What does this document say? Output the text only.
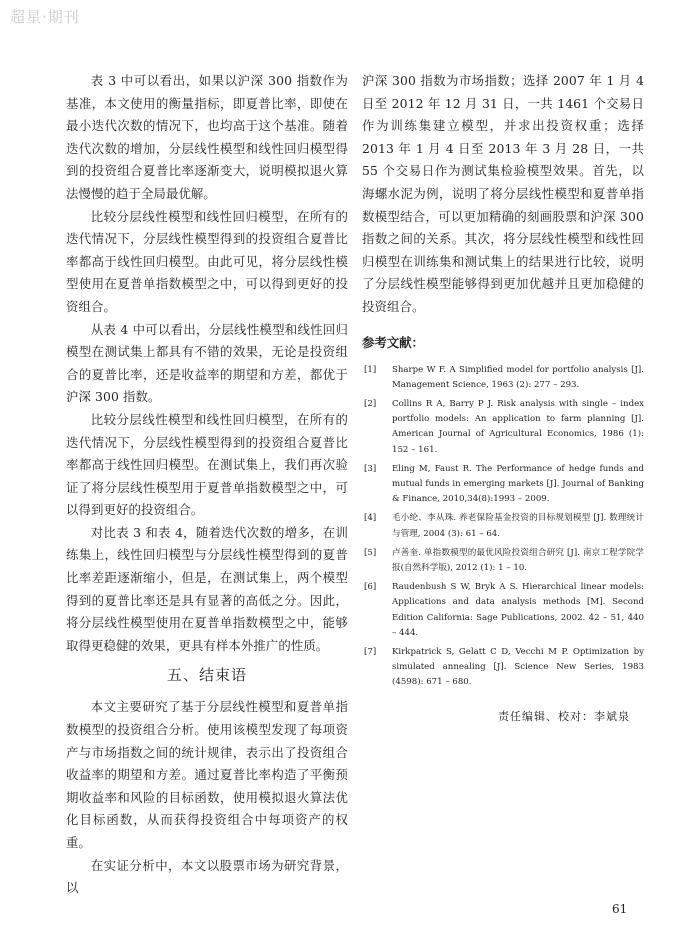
超星·期刊

表 3 中可以看出，如果以沪深 300 指数作为基准，本文使用的衡量指标，即夏普比率，即使在最小迭代次数的情况下，也均高于这个基准。随着迭代次数的增加，分层线性模型和线性回归模型得到的投资组合夏普比率逐渐变大，说明模拟退火算法慢慢的趋于全局最优解。

比较分层线性模型和线性回归模型，在所有的迭代情况下，分层线性模型得到的投资组合夏普比率都高于线性回归模型。由此可见，将分层线性模型使用在夏普单指数模型之中，可以得到更好的投资组合。

从表 4 中可以看出，分层线性模型和线性回归模型在测试集上都具有不错的效果，无论是投资组合的夏普比率，还是收益率的期望和方差，都优于沪深 300 指数。

比较分层线性模型和线性回归模型，在所有的迭代情况下，分层线性模型得到的投资组合夏普比率都高于线性回归模型。在测试集上，我们再次验证了将分层线性模型用于夏普单指数模型之中，可以得到更好的投资组合。

对比表 3 和表 4，随着迭代次数的增多，在训练集上，线性回归模型与分层线性模型得到的夏普比率差距逐渐缩小，但是，在测试集上，两个模型得到的夏普比率还是具有显著的高低之分。因此，将分层线性模型使用在夏普单指数模型之中，能够取得更稳健的效果，更具有样本外推广的性质。

五、结束语

本文主要研究了基于分层线性模型和夏普单指数模型的投资组合分析。使用该模型发现了每项资产与市场指数之间的统计规律，表示出了投资组合收益率的期望和方差。通过夏普比率构造了平衡预期收益率和风险的目标函数，使用模拟退火算法优化目标函数，从而获得投资组合中每项资产的权重。

在实证分析中，本文以股票市场为研究背景，以

沪深 300 指数为市场指数；选择 2007 年 1 月 4 日至 2012 年 12 月 31 日，一共 1461 个交易日作为训练集建立模型，并求出投资权重；选择 2013 年 1 月 4 日至 2013 年 3 月 28 日，一共 55 个交易日作为测试集检验模型效果。首先，以海螺水泥为例，说明了将分层线性模型和夏普单指数模型结合，可以更加精确的刻画股票和沪深 300 指数之间的关系。其次，将分层线性模型和线性回归模型在训练集和测试集上的结果进行比较，说明了分层线性模型能够得到更加优越并且更加稳健的投资组合。

参考文献：
[1]	Sharpe W F. A Simplified model for portfolio analysis [J]. Management Science, 1963 (2): 277 – 293.
[2]	Collins R A, Barry P J. Risk analysis with single – index portfolio models: An application to farm planning [J]. American Journal of Agricultural Economics, 1986 (1): 152 – 161.
[3]	Eling M, Faust R. The Performance of hedge funds and mutual funds in emerging markets [J]. Journal of Banking & Finance, 2010,34(8):1993 – 2009.
[4]	毛小纶、李从珠. 养老保险基金投资的目标规划模型 [J]. 数理统计与管理, 2004 (3): 61 – 64.
[5]	卢善奎. 单指数模型的最优风险投资组合研究 [J]. 南京工程学院学报(自然科学版), 2012 (1): 1 – 10.
[6]	Raudenbush S W, Bryk A S. Hierarchical linear models: Applications and data analysis methods [M]. Second Edition California: Sage Publications, 2002. 42 – 51, 440 – 444.
[7]	Kirkpatrick S, Gelatt C D, Vecchi M P. Optimization by simulated annealing [J]. Science New Series, 1983 (4598): 671 – 680.
责任编辑、校对：李斌泉
61
